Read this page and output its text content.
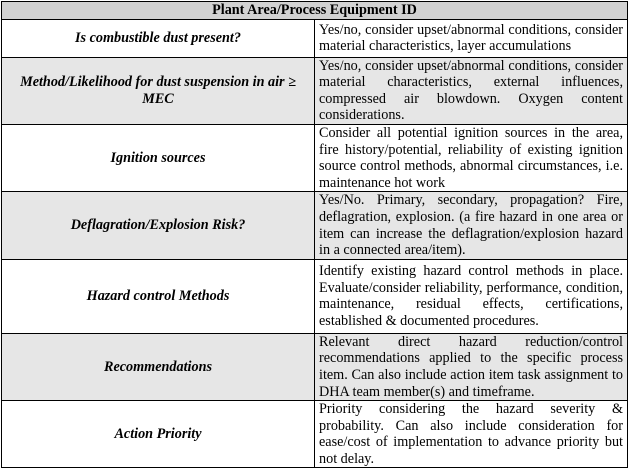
Plant Area/Process Equipment ID	
Is combustible dust present?	Yes/no, consider upset/abnormal conditions, consider material characteristics, layer accumulations
Method/Likelihood for dust suspension in air ≥ MEC	Yes/no, consider upset/abnormal conditions, consider material characteristics, external influences, compressed air blowdown. Oxygen content considerations.
Ignition sources	Consider all potential ignition sources in the area, fire history/potential, reliability of existing ignition source control methods, abnormal circumstances, i.e. maintenance hot work
Deflagration/Explosion Risk?	Yes/No. Primary, secondary, propagation? Fire, deflagration, explosion. (a fire hazard in one area or item can increase the deflagration/explosion hazard in a connected area/item).
Hazard control Methods	Identify existing hazard control methods in place. Evaluate/consider reliability, performance, condition, maintenance, residual effects, certifications, established & documented procedures.
Recommendations	Relevant direct hazard reduction/control recommendations applied to the specific process item. Can also include action item task assignment to DHA team member(s) and timeframe.
Action Priority	Priority considering the hazard severity & probability. Can also include consideration for ease/cost of implementation to advance priority but not delay.
